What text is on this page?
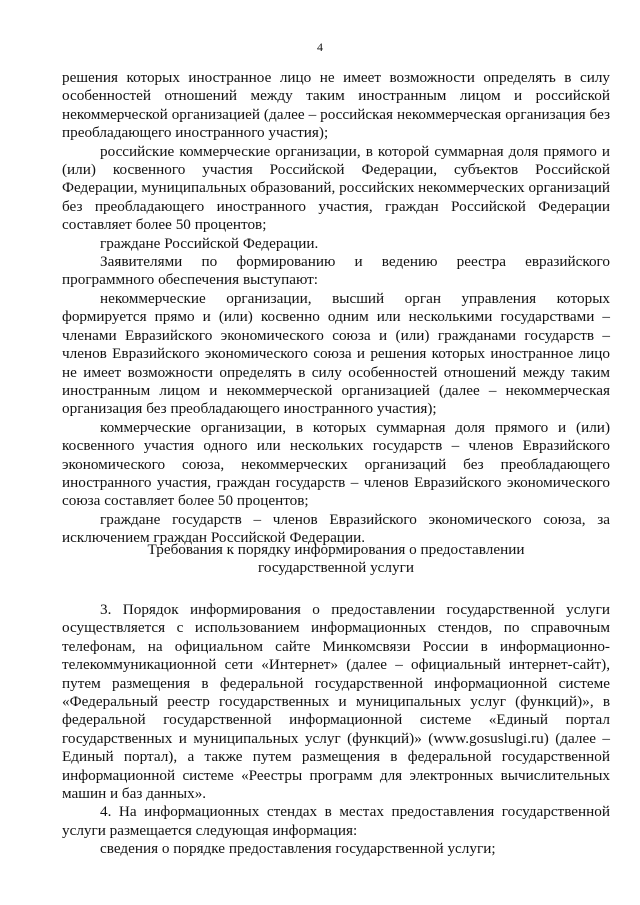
4

решения которых иностранное лицо не имеет возможности определять в силу особенностей отношений между таким иностранным лицом и российской некоммерческой организацией (далее – российская некоммерческая организация без преобладающего иностранного участия);

российские коммерческие организации, в которой суммарная доля прямого и (или) косвенного участия Российской Федерации, субъектов Российской Федерации, муниципальных образований, российских некоммерческих организаций без преобладающего иностранного участия, граждан Российской Федерации составляет более 50 процентов;

граждане Российской Федерации.

Заявителями по формированию и ведению реестра евразийского программного обеспечения выступают:

некоммерческие организации, высший орган управления которых формируется прямо и (или) косвенно одним или несколькими государствами – членами Евразийского экономического союза и (или) гражданами государств – членов Евразийского экономического союза и решения которых иностранное лицо не имеет возможности определять в силу особенностей отношений между таким иностранным лицом и некоммерческой организацией (далее – некоммерческая организация без преобладающего иностранного участия);

коммерческие организации, в которых суммарная доля прямого и (или) косвенного участия одного или нескольких государств – членов Евразийского экономического союза, некоммерческих организаций без преобладающего иностранного участия, граждан государств – членов Евразийского экономического союза составляет более 50 процентов;

граждане государств – членов Евразийского экономического союза, за исключением граждан Российской Федерации.

Требования к порядку информирования о предоставлении
государственной услуги

3. Порядок информирования о предоставлении государственной услуги осуществляется с использованием информационных стендов, по справочным телефонам, на официальном сайте Минкомсвязи России в информационно-телекоммуникационной сети «Интернет» (далее – официальный интернет-сайт), путем размещения в федеральной государственной информационной системе «Федеральный реестр государственных и муниципальных услуг (функций)», в федеральной государственной информационной системе «Единый портал государственных и муниципальных услуг (функций)» (www.gosuslugi.ru) (далее – Единый портал), а также путем размещения в федеральной государственной информационной системе «Реестры программ для электронных вычислительных машин и баз данных».

4. На информационных стендах в местах предоставления государственной услуги размещается следующая информация:

сведения о порядке предоставления государственной услуги;
